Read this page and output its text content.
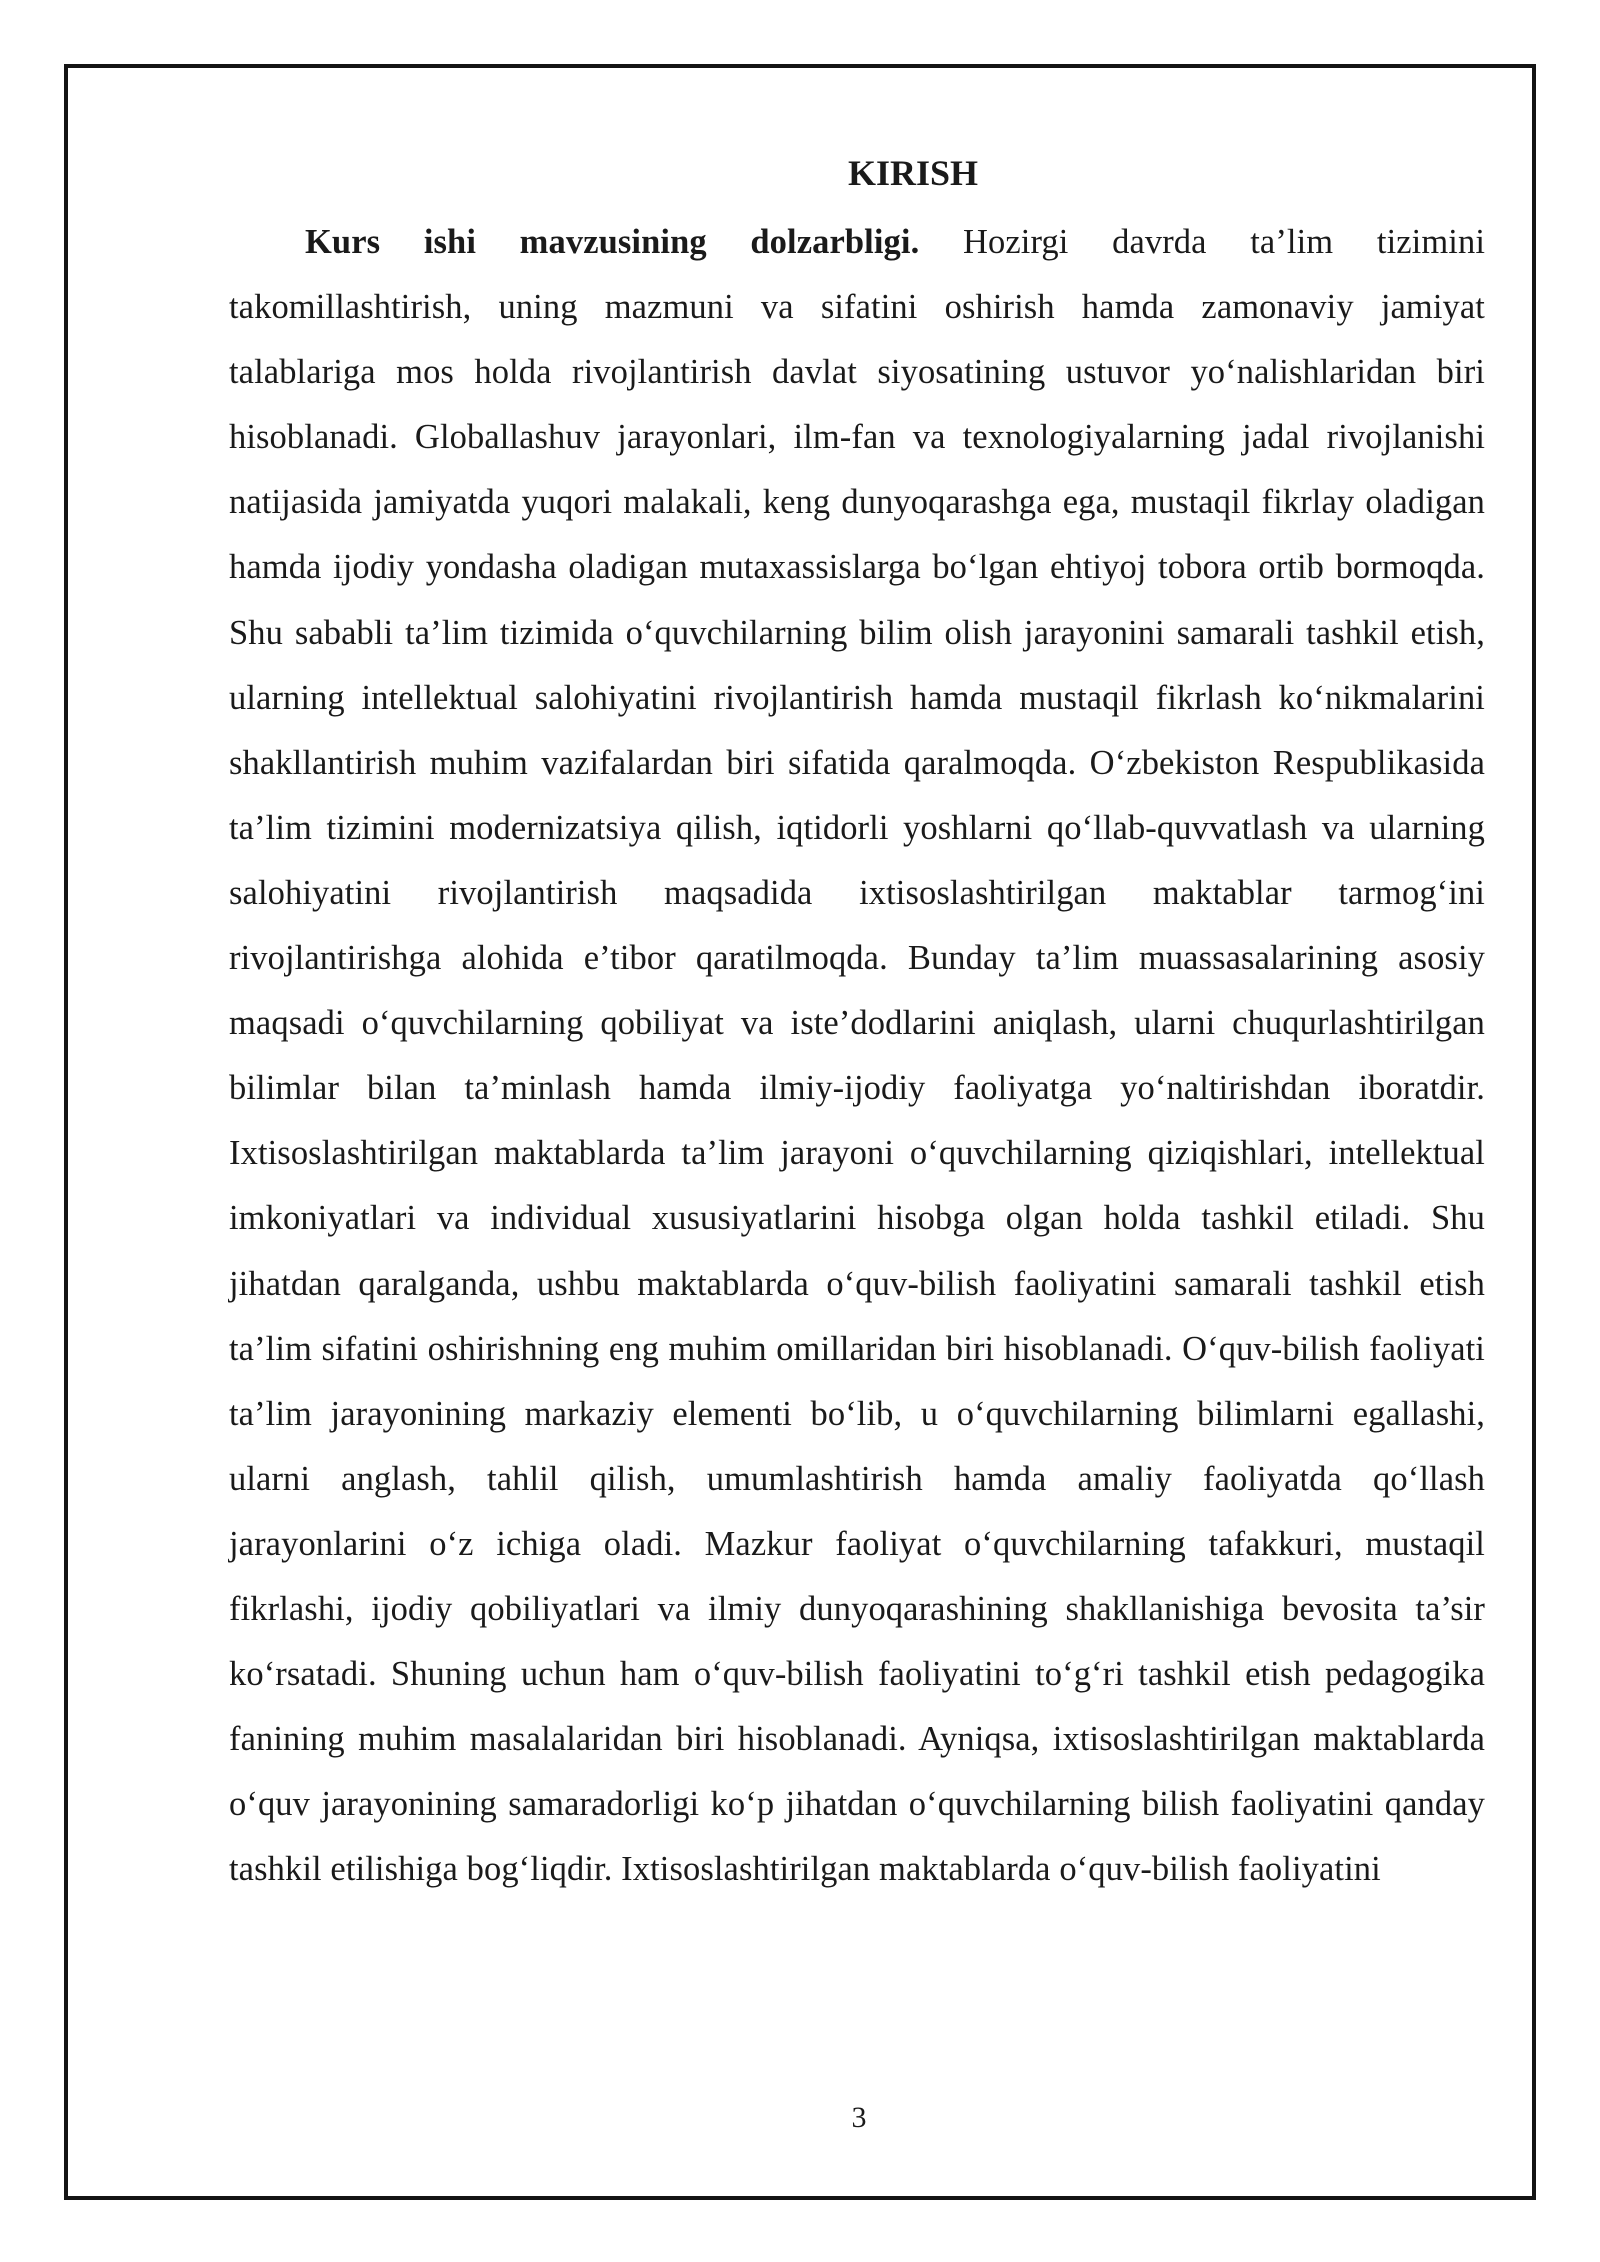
KIRISH

Kurs ishi mavzusining dolzarbligi. Hozirgi davrda ta’lim tizimini takomillashtirish, uning mazmuni va sifatini oshirish hamda zamonaviy jamiyat talablariga mos holda rivojlantirish davlat siyosatining ustuvor yo‘nalishlaridan biri hisoblanadi. Globallashuv jarayonlari, ilm-fan va texnologiyalarning jadal rivojlanishi natijasida jamiyatda yuqori malakali, keng dunyoqarashga ega, mustaqil fikrlay oladigan hamda ijodiy yondasha oladigan mutaxassislarga bo‘lgan ehtiyoj tobora ortib bormoqda. Shu sababli ta’lim tizimida o‘quvchilarning bilim olish jarayonini samarali tashkil etish, ularning intellektual salohiyatini rivojlantirish hamda mustaqil fikrlash ko‘nikmalarini shakllantirish muhim vazifalardan biri sifatida qaralmoqda. O‘zbekiston Respublikasida ta’lim tizimini modernizatsiya qilish, iqtidorli yoshlarni qo‘llab-quvvatlash va ularning salohiyatini rivojlantirish maqsadida ixtisoslashtirilgan maktablar tarmog‘ini rivojlantirishga alohida e’tibor qaratilmoqda. Bunday ta’lim muassasalarining asosiy maqsadi o‘quvchilarning qobiliyat va iste’dodlarini aniqlash, ularni chuqurlashtirilgan bilimlar bilan ta’minlash hamda ilmiy-ijodiy faoliyatga yo‘naltirishdan iboratdir. Ixtisoslashtirilgan maktablarda ta’lim jarayoni o‘quvchilarning qiziqishlari, intellektual imkoniyatlari va individual xususiyatlarini hisobga olgan holda tashkil etiladi. Shu jihatdan qaralganda, ushbu maktablarda o‘quv-bilish faoliyatini samarali tashkil etish ta’lim sifatini oshirishning eng muhim omillaridan biri hisoblanadi. O‘quv-bilish faoliyati ta’lim jarayonining markaziy elementi bo‘lib, u o‘quvchilarning bilimlarni egallashi, ularni anglash, tahlil qilish, umumlashtirish hamda amaliy faoliyatda qo‘llash jarayonlarini o‘z ichiga oladi. Mazkur faoliyat o‘quvchilarning tafakkuri, mustaqil fikrlashi, ijodiy qobiliyatlari va ilmiy dunyoqarashining shakllanishiga bevosita ta’sir ko‘rsatadi. Shuning uchun ham o‘quv-bilish faoliyatini to‘g‘ri tashkil etish pedagogika fanining muhim masalalaridan biri hisoblanadi. Ayniqsa, ixtisoslashtirilgan maktablarda o‘quv jarayonining samaradorligi ko‘p jihatdan o‘quvchilarning bilish faoliyatini qanday tashkil etilishiga bog‘liqdir. Ixtisoslashtirilgan maktablarda o‘quv-bilish faoliyatini

3
